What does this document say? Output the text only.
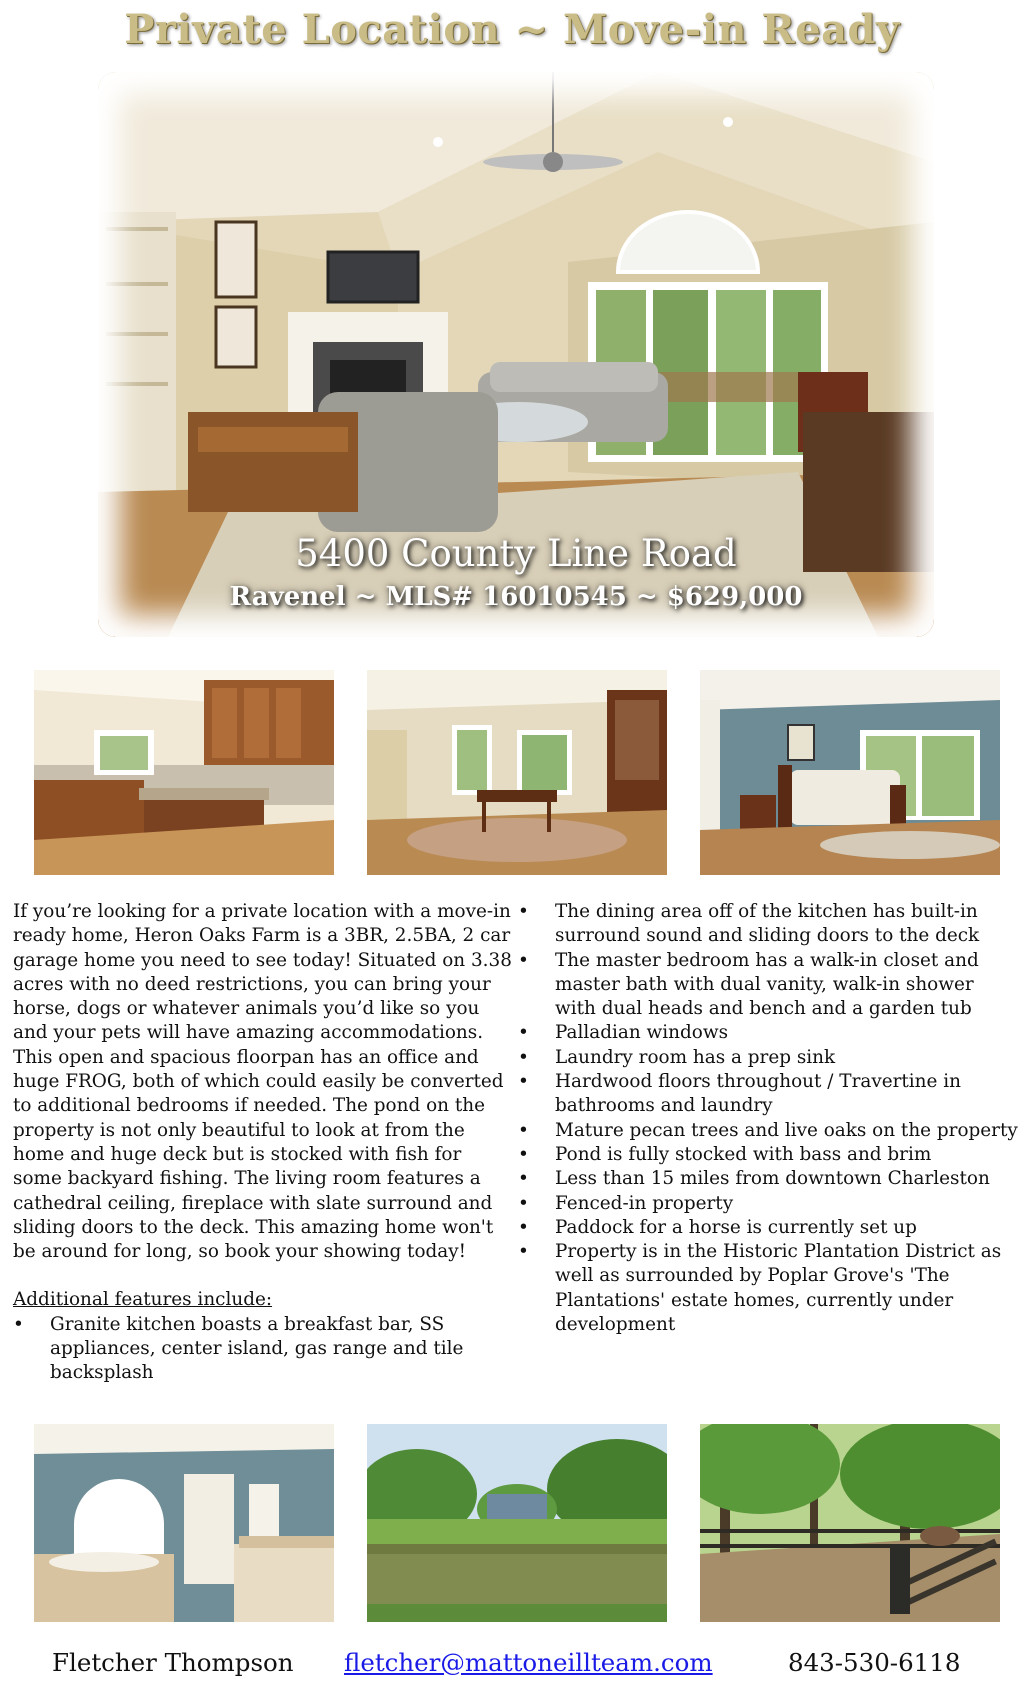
Private Location ~ Move-in Ready
5400 County Line Road
Ravenel ~ MLS# 16010545 ~ $629,000

If you’re looking for a private location with a move-in ready home, Heron Oaks Farm is a 3BR, 2.5BA, 2 car garage home you need to see today! Situated on 3.38 acres with no deed restrictions, you can bring your horse, dogs or whatever animals you’d like so you and your pets will have amazing accommodations. This open and spacious floorpan has an office and huge FROG, both of which could easily be converted to additional bedrooms if needed. The pond on the property is not only beautiful to look at from the home and huge deck but is stocked with fish for some backyard fishing. The living room features a cathedral ceiling, fireplace with slate surround and sliding doors to the deck. This amazing home won't be around for long, so book your showing today!

Additional features include:
• Granite kitchen boasts a breakfast bar, SS appliances, center island, gas range and tile backsplash
• The dining area off of the kitchen has built-in surround sound and sliding doors to the deck
• The master bedroom has a walk-in closet and master bath with dual vanity, walk-in shower with dual heads and bench and a garden tub
• Palladian windows
• Laundry room has a prep sink
• Hardwood floors throughout / Travertine in bathrooms and laundry
• Mature pecan trees and live oaks on the property
• Pond is fully stocked with bass and brim
• Less than 15 miles from downtown Charleston
• Fenced-in property
• Paddock for a horse is currently set up
• Property is in the Historic Plantation District as well as surrounded by Poplar Grove's 'The Plantations' estate homes, currently under development
Fletcher Thompson fletcher@mattoneillteam.com	843-530-6118
